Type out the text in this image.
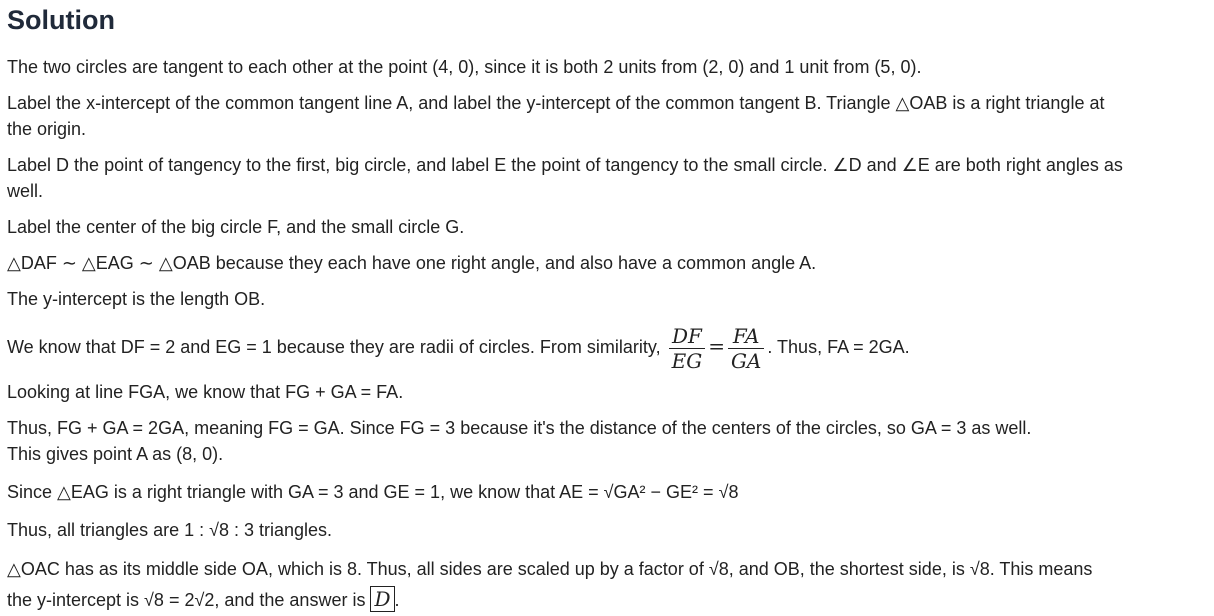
Solution
The two circles are tangent to each other at the point (4, 0), since it is both 2 units from (2, 0) and 1 unit from (5, 0).
Label the x-intercept of the common tangent line A, and label the y-intercept of the common tangent B. Triangle △OAB is a right triangle at
the origin.
Label D the point of tangency to the first, big circle, and label E the point of tangency to the small circle. ∠D and ∠E are both right angles as
well.
Label the center of the big circle F, and the small circle G.
△DAF ∼ △EAG ∼ △OAB because they each have one right angle, and also have a common angle A.
The y-intercept is the length OB.
We know that DF = 2 and EG = 1 because they are radii of circles. From similarity, $\frac{DF}{EG} = \frac{FA}{GA}$ . Thus, FA = 2GA.
Looking at line FGA, we know that FG + GA = FA.
Thus, FG + GA = 2GA, meaning FG = GA. Since FG = 3 because it's the distance of the centers of the circles, so GA = 3 as well.
This gives point A as (8, 0).
Since △EAG is a right triangle with GA = 3 and GE = 1, we know that AE = √GA² − GE² = √8
Thus, all triangles are 1 : √8 : 3 triangles.
△OAC has as its middle side OA, which is 8. Thus, all sides are scaled up by a factor of √8, and OB, the shortest side, is √8. This means
the y-intercept is √8 = 2√2, and the answer is D .
